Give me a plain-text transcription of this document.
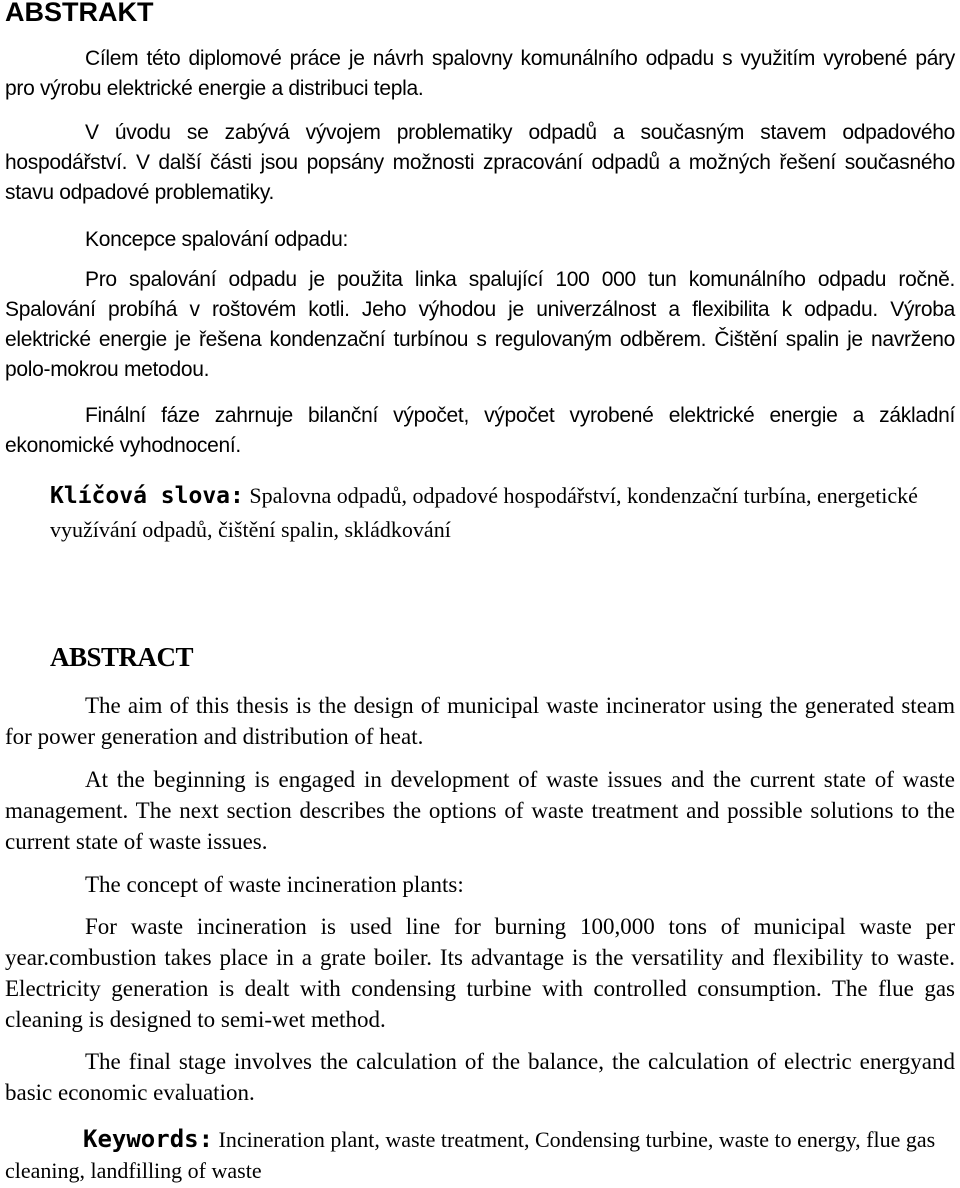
ABSTRAKT

Cílem této diplomové práce je návrh spalovny komunálního odpadu s využitím vyrobené páry pro výrobu elektrické energie a distribuci tepla.

V úvodu se zabývá vývojem problematiky odpadů a současným stavem odpadového hospodářství. V další části jsou popsány možnosti zpracování odpadů a možných řešení současného stavu odpadové problematiky.

Koncepce spalování odpadu:

Pro spalování odpadu je použita linka spalující 100 000 tun komunálního odpadu ročně. Spalování probíhá v roštovém kotli. Jeho výhodou je univerzálnost a flexibilita k odpadu. Výroba elektrické energie je řešena kondenzační turbínou s regulovaným odběrem. Čištění spalin je navrženo polo-mokrou metodou.

Finální fáze zahrnuje bilanční výpočet, výpočet vyrobené elektrické energie a základní ekonomické vyhodnocení.

Klíčová slova: Spalovna odpadů, odpadové hospodářství, kondenzační turbína, energetické využívání odpadů, čištění spalin, skládkování

ABSTRACT

The aim of this thesis is the design of municipal waste incinerator using the generated steam for power generation and distribution of heat.

At the beginning is engaged in development of waste issues and the current state of waste management. The next section describes the options of waste treatment and possible solutions to the current state of waste issues.

The concept of waste incineration plants:

For waste incineration is used line for burning 100,000 tons of municipal waste per year.combustion takes place in a grate boiler. Its advantage is the versatility and flexibility to waste. Electricity generation is dealt with condensing turbine with controlled consumption. The flue gas cleaning is designed to semi-wet method.

The final stage involves the calculation of the balance, the calculation of electric energyand basic economic evaluation.

Keywords: Incineration plant, waste treatment, Condensing turbine, waste to energy, flue gas cleaning, landfilling of waste
